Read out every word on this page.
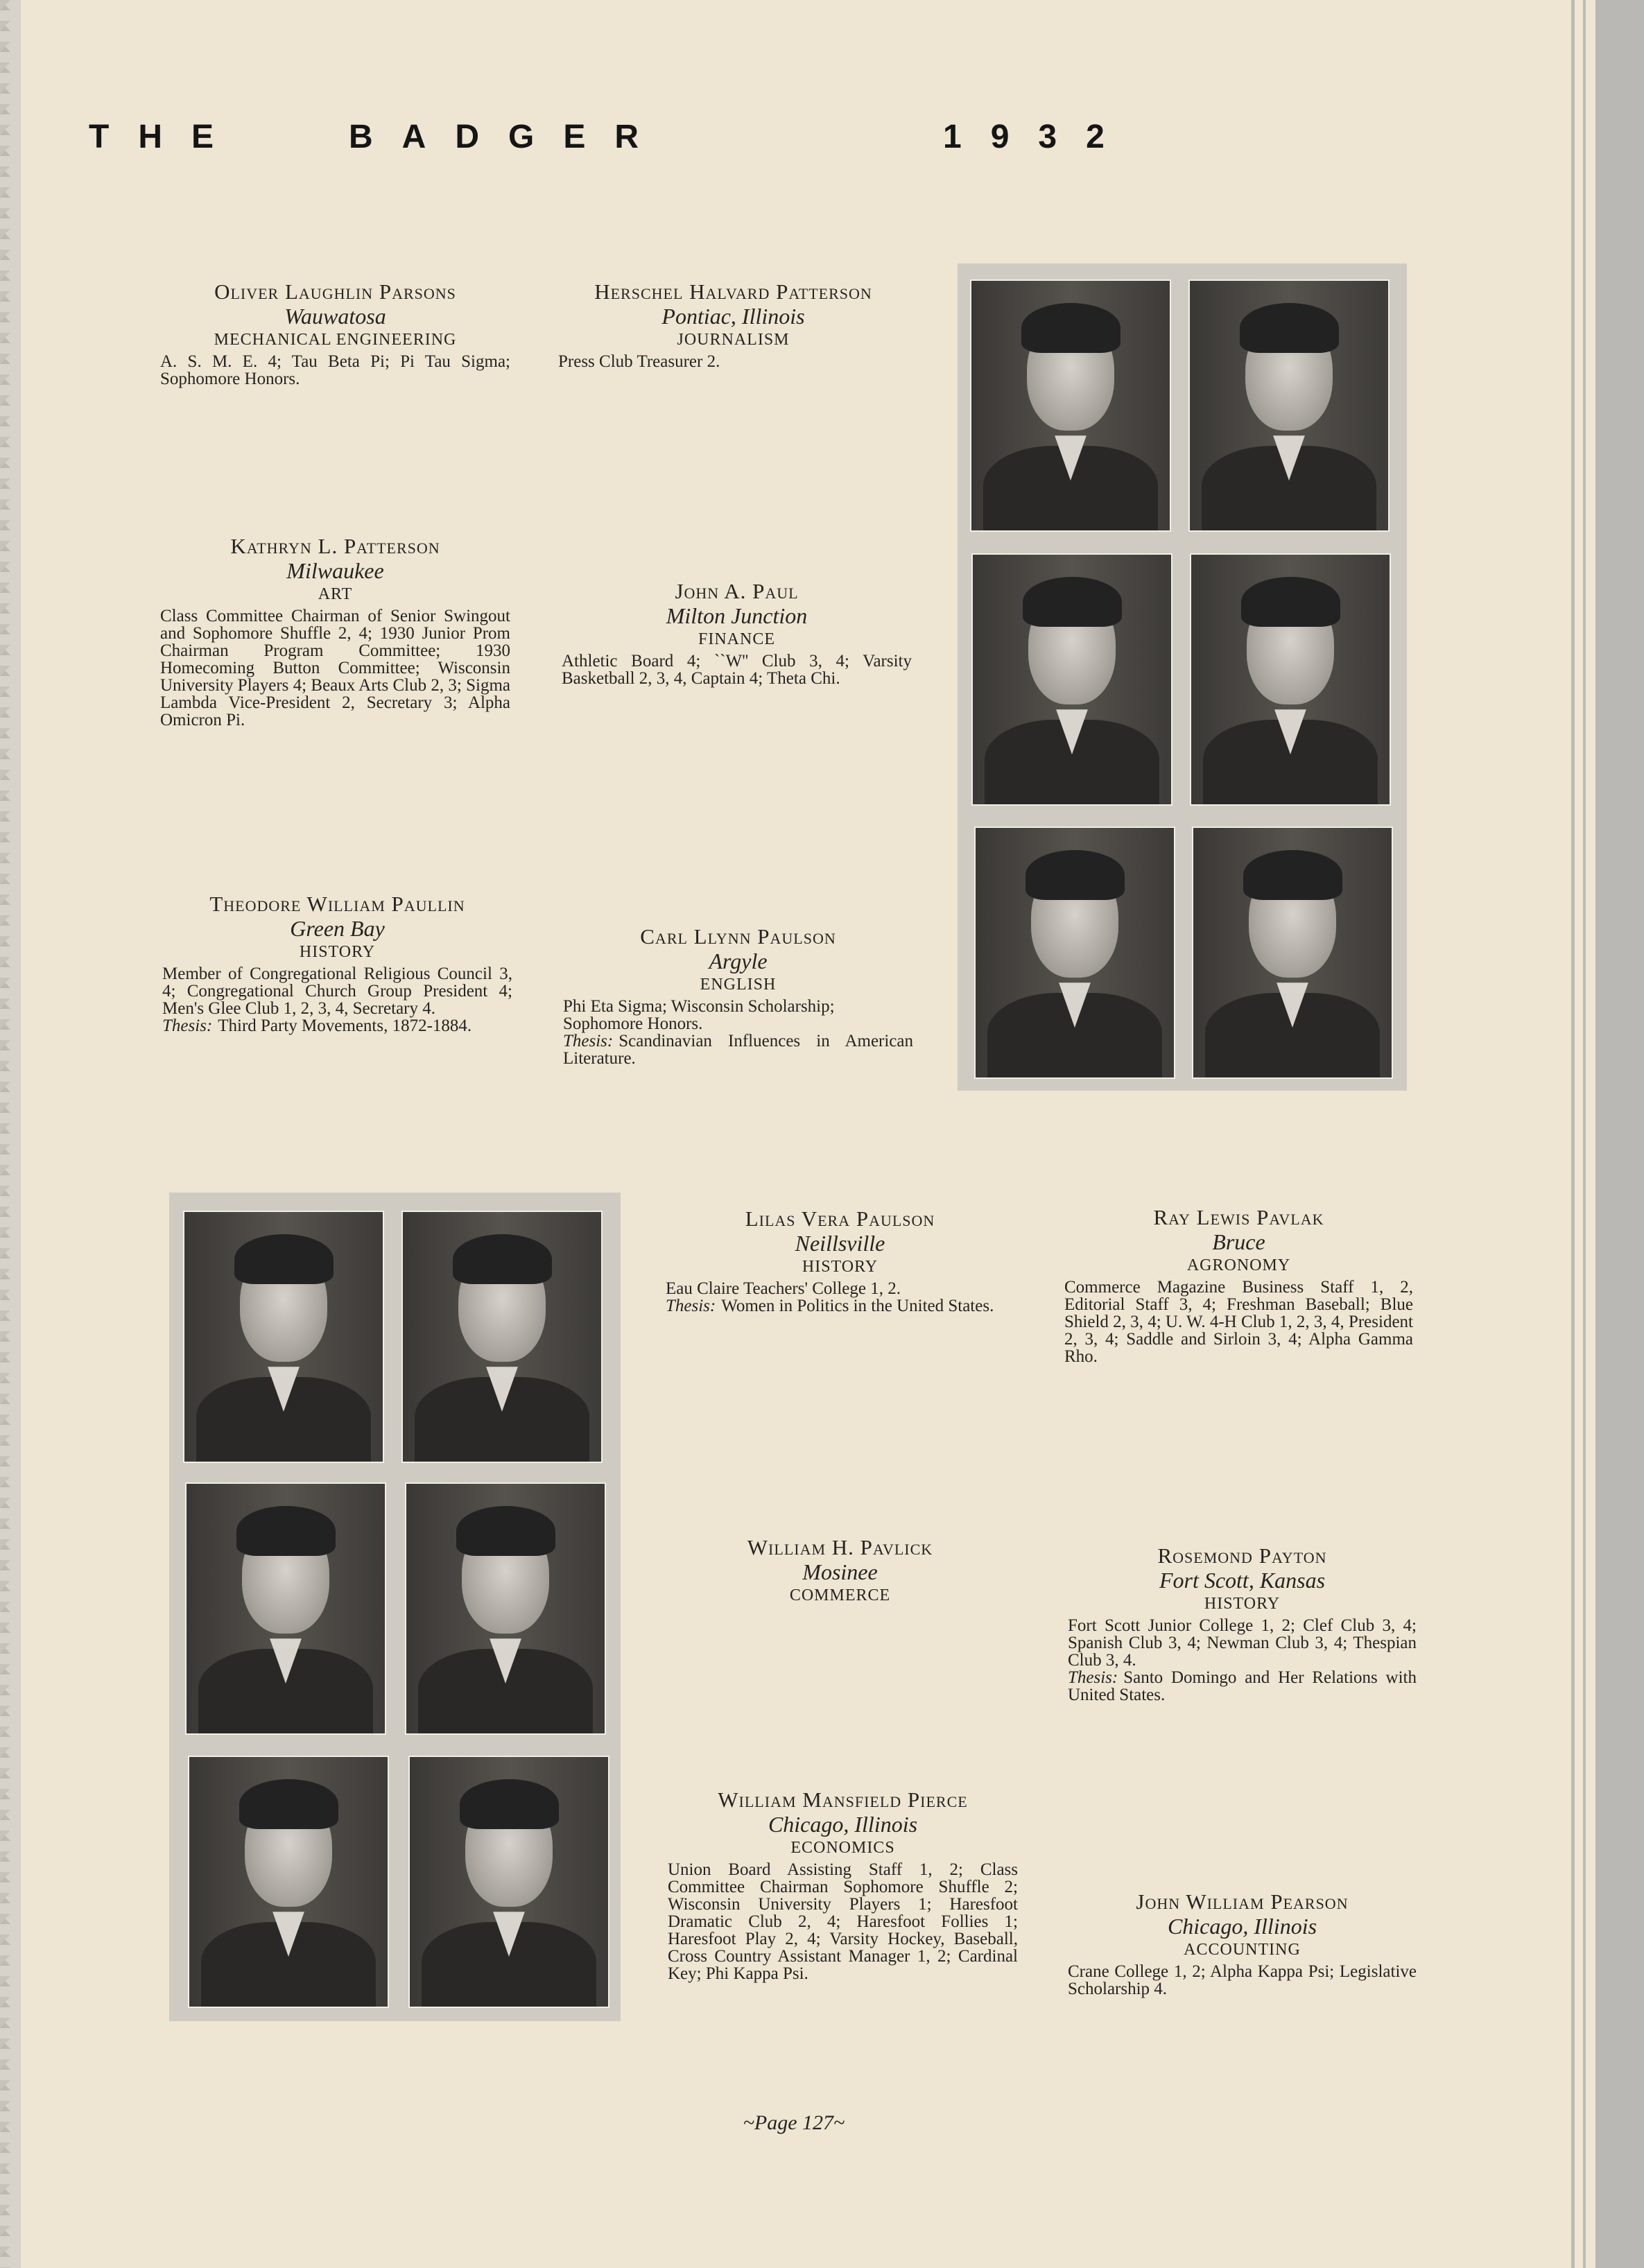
THE	BADGER	1932
Oliver Laughlin Parsons
Wauwatosa
MECHANICAL ENGINEERING
A. S. M. E. 4; Tau Beta Pi; Pi Tau Sigma; Sophomore Honors.
Herschel Halvard Patterson
Pontiac, Illinois
JOURNALISM
Press Club Treasurer 2.
Kathryn L. Patterson
Milwaukee
ART
Class Committee Chairman of Senior Swingout and Sophomore Shuffle 2, 4; 1930 Junior Prom Chairman Program Committee; 1930 Homecoming Button Committee; Wisconsin University Players 4; Beaux Arts Club 2, 3; Sigma Lambda Vice-President 2, Secretary 3; Alpha Omicron Pi.
John A. Paul
Milton Junction
FINANCE
Athletic Board 4; ``W'' Club 3, 4; Varsity Basketball 2, 3, 4, Captain 4; Theta Chi.
Theodore William Paullin
Green Bay
HISTORY
Member of Congregational Religious Council 3, 4; Congregational Church Group President 4; Men's Glee Club 1, 2, 3, 4, Secretary 4.
Thesis: Third Party Movements, 1872-1884.
Carl Llynn Paulson
Argyle
ENGLISH
Phi Eta Sigma; Wisconsin Scholarship; Sophomore Honors.
Thesis: Scandinavian Influences in American Literature.
Lilas Vera Paulson
Neillsville
HISTORY
Eau Claire Teachers' College 1, 2.
Thesis: Women in Politics in the United States.
Ray Lewis Pavlak
Bruce
AGRONOMY
Commerce Magazine Business Staff 1, 2, Editorial Staff 3, 4; Freshman Baseball; Blue Shield 2, 3, 4; U. W. 4-H Club 1, 2, 3, 4, President 2, 3, 4; Saddle and Sirloin 3, 4; Alpha Gamma Rho.
William H. Pavlick
Mosinee
COMMERCE
Rosemond Payton
Fort Scott, Kansas
HISTORY
Fort Scott Junior College 1, 2; Clef Club 3, 4; Spanish Club 3, 4; Newman Club 3, 4; Thespian Club 3, 4.
Thesis: Santo Domingo and Her Relations with United States.
William Mansfield Pierce
Chicago, Illinois
ECONOMICS
Union Board Assisting Staff 1, 2; Class Committee Chairman Sophomore Shuffle 2; Wisconsin University Players 1; Haresfoot Dramatic Club 2, 4; Haresfoot Follies 1; Haresfoot Play 2, 4; Varsity Hockey, Baseball, Cross Country Assistant Manager 1, 2; Cardinal Key; Phi Kappa Psi.
John William Pearson
Chicago, Illinois
ACCOUNTING
Crane College 1, 2; Alpha Kappa Psi; Legislative Scholarship 4.
~Page 127~
